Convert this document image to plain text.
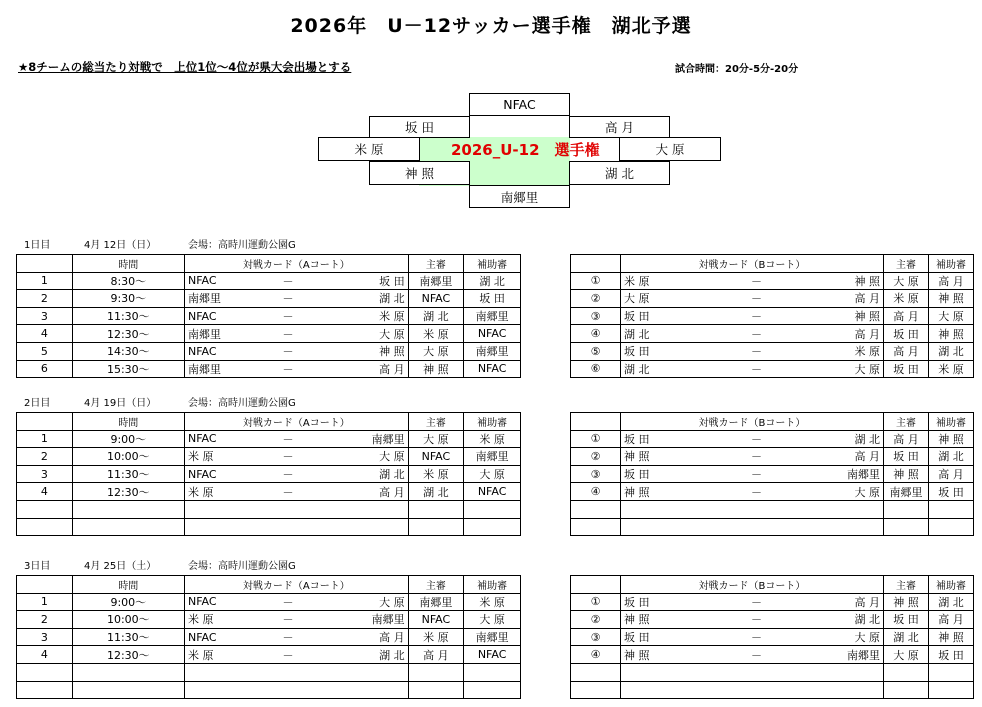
2026年　U－12サッカー選手権　湖北予選
★8チームの総当たり対戦で　上位1位～4位が県大会出場とする	試合時間：20分-5分-20分
NFAC
坂 田	高 月
米 原	大 原
神 照	湖 北
南郷里
2026_U-12　選手権
1日目	4月 12日（日）	会場：高時川運動公園G
	時間	対戦カード（Aコート）			主審	補助審
1	8:30～	NFAC	－	坂 田	南郷里	湖 北
2	9:30～	南郷里	－	湖 北	NFAC	坂 田
3	11:30～	NFAC	－	米 原	湖 北	南郷里
4	12:30～	南郷里	－	大 原	米 原	NFAC
5	14:30～	NFAC	－	神 照	大 原	南郷里
6	15:30～	南郷里	－	高 月	神 照	NFAC
	対戦カード（Bコート）			主審	補助審
①	米 原	－	神 照	大 原	高 月
②	大 原	－	高 月	米 原	神 照
③	坂 田	－	神 照	高 月	大 原
④	湖 北	－	高 月	坂 田	神 照
⑤	坂 田	－	米 原	高 月	湖 北
⑥	湖 北	－	大 原	坂 田	米 原
2日目	4月 19日（日）	会場：高時川運動公園G
	時間	対戦カード（Aコート）			主審	補助審
1	9:00～	NFAC	－	南郷里	大 原	米 原
2	10:00～	米 原	－	大 原	NFAC	南郷里
3	11:30～	NFAC	－	湖 北	米 原	大 原
4	12:30～	米 原	－	高 月	湖 北	NFAC

	対戦カード（Bコート）			主審	補助審
①	坂 田	－	湖 北	高 月	神 照
②	神 照	－	高 月	坂 田	湖 北
③	坂 田	－	南郷里	神 照	高 月
④	神 照	－	大 原	南郷里	坂 田

3日目	4月 25日（土）	会場：高時川運動公園G
	時間	対戦カード（Aコート）			主審	補助審
1	9:00～	NFAC	－	大 原	南郷里	米 原
2	10:00～	米 原	－	南郷里	NFAC	大 原
3	11:30～	NFAC	－	高 月	米 原	南郷里
4	12:30～	米 原	－	湖 北	高 月	NFAC

	対戦カード（Bコート）			主審	補助審
①	坂 田	－	高 月	神 照	湖 北
②	神 照	－	湖 北	坂 田	高 月
③	坂 田	－	大 原	湖 北	神 照
④	神 照	－	南郷里	大 原	坂 田
